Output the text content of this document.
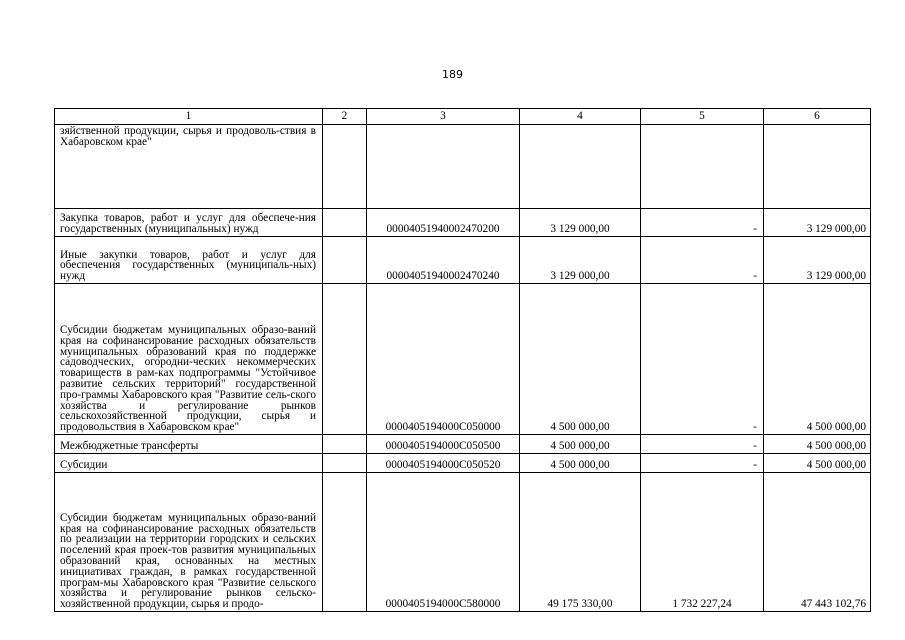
189
1	2	3	4	5	6
зяйственной продукции, сырья и продоволь-ствия в Хабаровском крае"					
Закупка товаров, работ и услуг для обеспече-ния государственных (муниципальных) нужд		00004051940002470200	3 129 000,00	-	3 129 000,00
Иные закупки товаров, работ и услуг для обеспечения государственных (муниципаль-ных) нужд		00004051940002470240	3 129 000,00	-	3 129 000,00
Субсидии бюджетам муниципальных образо-ваний края на софинансирование расходных обязательств муниципальных образований края по поддержке садоводческих, огородни-ческих некоммерческих товариществ в рам-ках подпрограммы "Устойчивое развитие сельских территорий" государственной про-граммы Хабаровского края "Развитие сель-ского хозяйства и регулирование рынков сельскохозяйственной продукции, сырья и продовольствия в Хабаровском крае"		0000405194000C050000	4 500 000,00	-	4 500 000,00
Межбюджетные трансферты		0000405194000C050500	4 500 000,00	-	4 500 000,00
Субсидии		0000405194000C050520	4 500 000,00	-	4 500 000,00
Субсидии бюджетам муниципальных образо-ваний края на софинансирование расходных обязательств по реализации на территории городских и сельских поселений края проек-тов развития муниципальных образований края, основанных на местных инициативах граждан, в рамках государственной програм-мы Хабаровского края "Развитие сельского хозяйства и регулирование рынков сельско-хозяйственной продукции, сырья и продо-		0000405194000C580000	49 175 330,00	1 732 227,24	47 443 102,76
